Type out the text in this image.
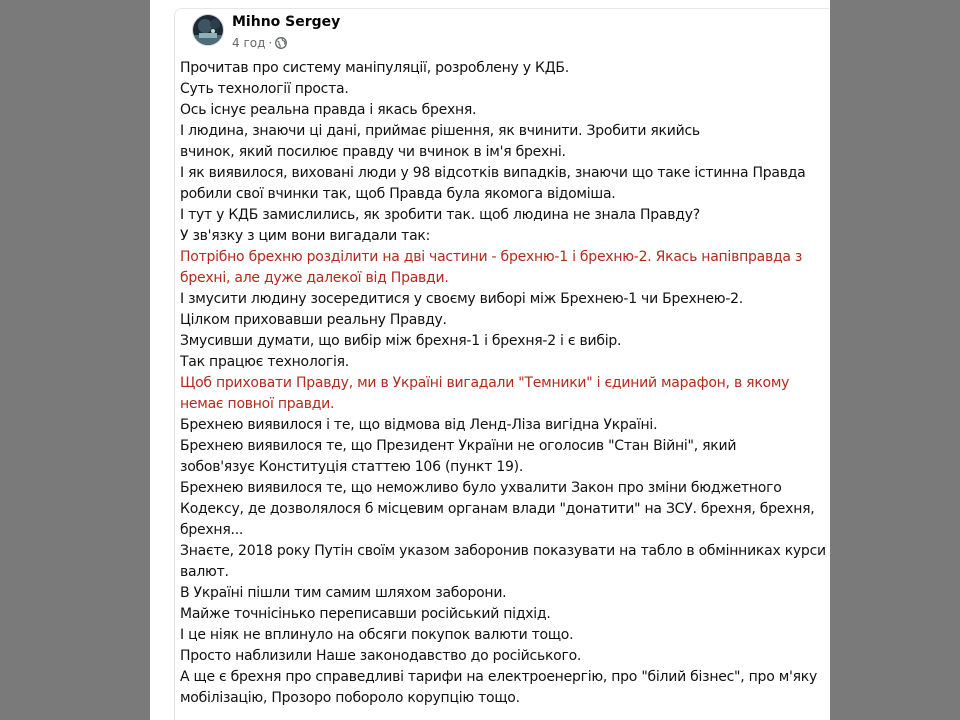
Mihno Sergey
4 год ·
Прочитав про систему маніпуляції, розроблену у КДБ.
Суть технології проста.
Ось існує реальна правда і якась брехня.
І людина, знаючи ці дані, приймає рішення, як вчинити. Зробити якийсь
вчинок, який посилює правду чи вчинок в ім'я брехні.
І як виявилося, виховані люди у 98 відсотків випадків, знаючи що таке істинна Правда
робили свої вчинки так, щоб Правда була якомога відоміша.
І тут у КДБ замислились, як зробити так. щоб людина не знала Правду?
У зв'язку з цим вони вигадали так:
Потрібно брехню розділити на дві частини - брехню-1 і брехню-2. Якась напівправда з
брехні, але дуже далекої від Правди.
І змусити людину зосередитися у своєму виборі між Брехнею-1 чи Брехнею-2.
Цілком приховавши реальну Правду.
Змусивши думати, що вибір між брехня-1 і брехня-2 і є вибір.
Так працює технологія.
Щоб приховати Правду, ми в Україні вигадали "Темники" і єдиний марафон, в якому
немає повної правди.
Брехнею виявилося і те, що відмова від Ленд-Ліза вигідна Україні.
Брехнею виявилося те, що Президент України не оголосив "Стан Війні", який
зобов'язує Конституція статтею 106 (пункт 19).
Брехнею виявилося те, що неможливо було ухвалити Закон про зміни бюджетного
Кодексу, де дозволялося б місцевим органам влади "донатити" на ЗСУ. брехня, брехня,
брехня...
Знаєте, 2018 року Путін своїм указом заборонив показувати на табло в обмінниках курси
валют.
В Україні пішли тим самим шляхом заборони.
Майже точнісінько переписавши російський підхід.
І це ніяк не вплинуло на обсяги покупок валюти тощо.
Просто наблизили Наше законодавство до російського.
А ще є брехня про справедливі тарифи на електроенергію, про "білий бізнес", про м'яку
мобілізацію, Прозоро поборолo корупцію тощо.
